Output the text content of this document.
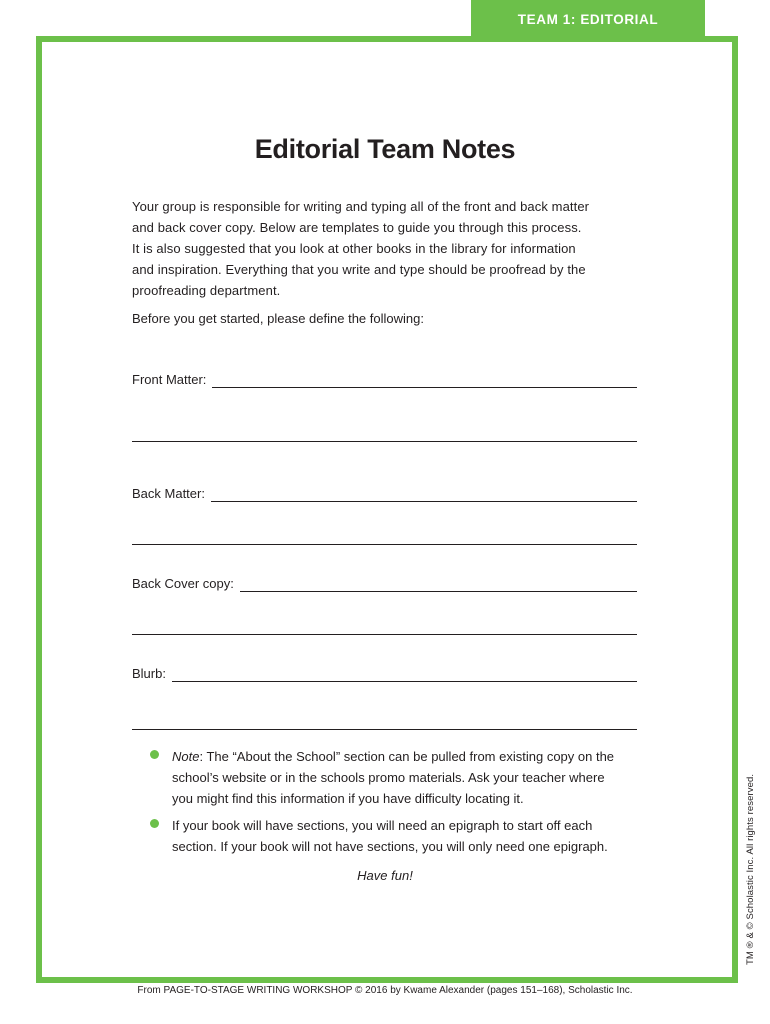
TEAM 1: EDITORIAL
Editorial Team Notes
Your group is responsible for writing and typing all of the front and back matter
and back cover copy. Below are templates to guide you through this process.
It is also suggested that you look at other books in the library for information
and inspiration. Everything that you write and type should be proofread by the
proofreading department.
Before you get started, please define the following:
Front Matter:
Back Matter:
Back Cover copy:
Blurb:
Note: The “About the School” section can be pulled from existing copy on the
school’s website or in the schools promo materials. Ask your teacher where
you might find this information if you have difficulty locating it.
If your book will have sections, you will need an epigraph to start off each
section. If your book will not have sections, you will only need one epigraph.
Have fun!	TM ® & © Scholastic Inc. All rights reserved.
From PAGE-TO-STAGE WRITING WORKSHOP © 2016 by Kwame Alexander (pages 151–168), Scholastic Inc.
